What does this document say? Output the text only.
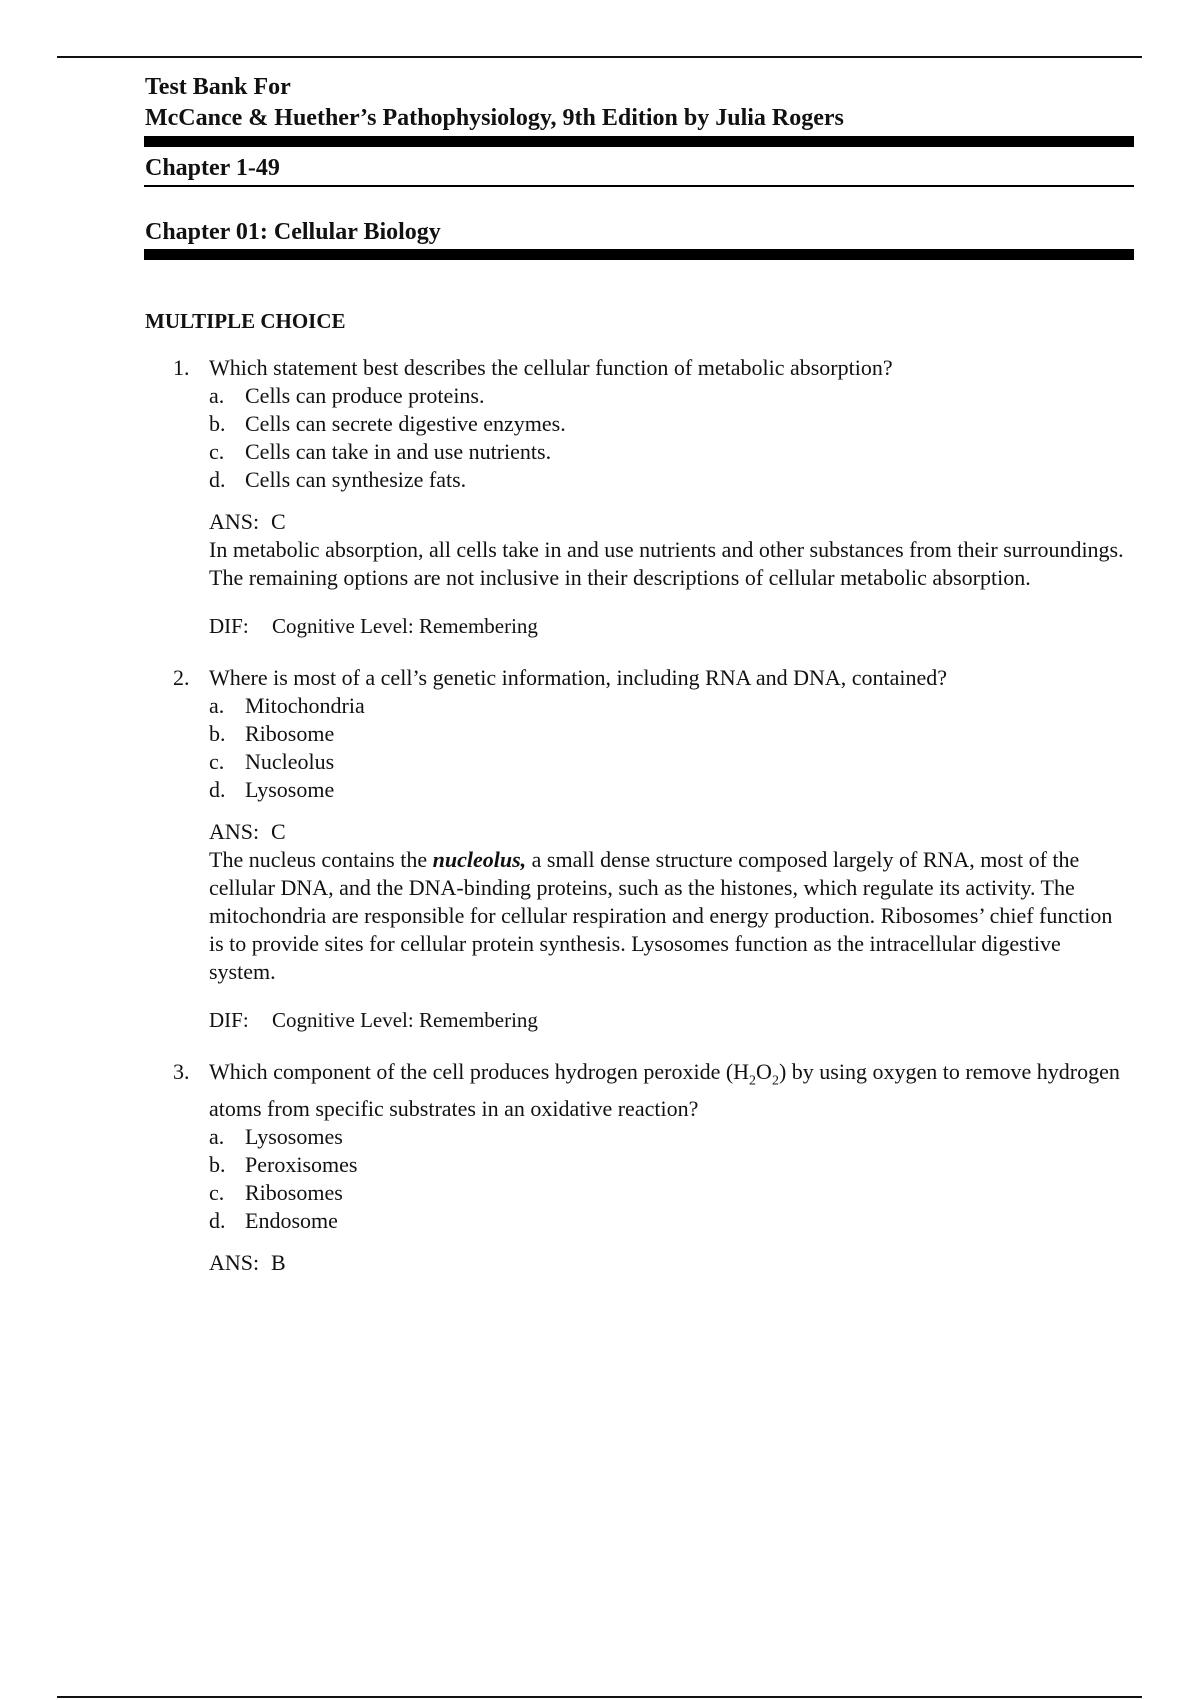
Test Bank For

McCance & Huether’s Pathophysiology, 9th Edition by Julia Rogers

Chapter 1-49

Chapter 01: Cellular Biology

MULTIPLE CHOICE

1. Which statement best describes the cellular function of metabolic absorption?

a. Cells can produce proteins.
b. Cells can secrete digestive enzymes.
c. Cells can take in and use nutrients.
d. Cells can synthesize fats.
ANS: C

In metabolic absorption, all cells take in and use nutrients and other substances from their surroundings. The remaining options are not inclusive in their descriptions of cellular metabolic absorption.

DIF: Cognitive Level: Remembering
2. Where is most of a cell’s genetic information, including RNA and DNA, contained?

a. Mitochondria
b. Ribosome
c. Nucleolus
d. Lysosome
ANS: C

The nucleus contains the nucleolus, a small dense structure composed largely of RNA, most of the cellular DNA, and the DNA-binding proteins, such as the histones, which regulate its activity. The mitochondria are responsible for cellular respiration and energy production. Ribosomes’ chief function is to provide sites for cellular protein synthesis. Lysosomes function as the intracellular digestive system.

DIF: Cognitive Level: Remembering
3. Which component of the cell produces hydrogen peroxide $(H_2O_2)$ by using oxygen to remove hydrogen atoms from specific substrates in an oxidative reaction?

a. Lysosomes
b. Peroxisomes
c. Ribosomes
d. Endosome
ANS: B
